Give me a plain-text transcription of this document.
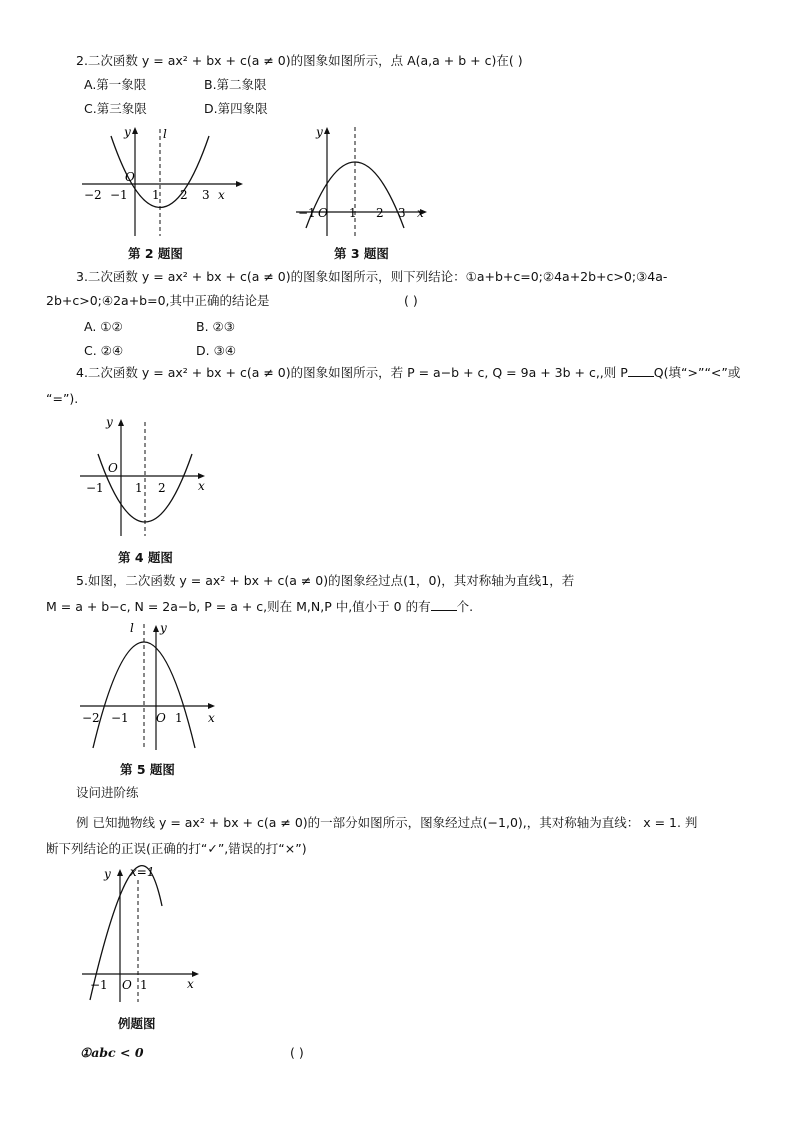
2.二次函数 y = ax² + bx + c(a ≠ 0)的图象如图所示，点 A(a,a + b + c)在( )
A.第一象限	B.第二象限
C.第三象限	D.第四象限
y	l
O
x
−2 −1 1 2 3
第 2 题图
y
O	x
−1	1 2 3
第 3 题图
3.二次函数 y = ax² + bx + c(a ≠ 0)的图象如图所示，则下列结论：①a+b+c=0;②4a+2b+c>0;③4a-
2b+c>0;④2a+b=0,其中正确的结论是	( )
A. ①②	B. ②③
C. ②④	D. ③④
4.二次函数 y = ax² + bx + c(a ≠ 0)的图象如图所示，若 P = a−b + c, Q = 9a + 3b + c,,则 P Q(填“>”“<”或
“=”).
y
O
x
−1	1 2
第 4 题图
5.如图，二次函数 y = ax² + bx + c(a ≠ 0)的图象经过点(1，0)，其对称轴为直线1，若
M = a + b−c, N = 2a−b, P = a + c,则在 M,N,P 中,值小于 0 的有 个.
y
l
O	x
−2 −1	1
第 5 题图
设问进阶练
例 已知抛物线 y = ax² + bx + c(a ≠ 0)的一部分如图所示，图象经过点(−1,0),，其对称轴为直线： x = 1. 判
断下列结论的正误(正确的打“✓”,错误的打“×”)
y x=1
O	x
−1	1
例题图
①abc < 0	( )
